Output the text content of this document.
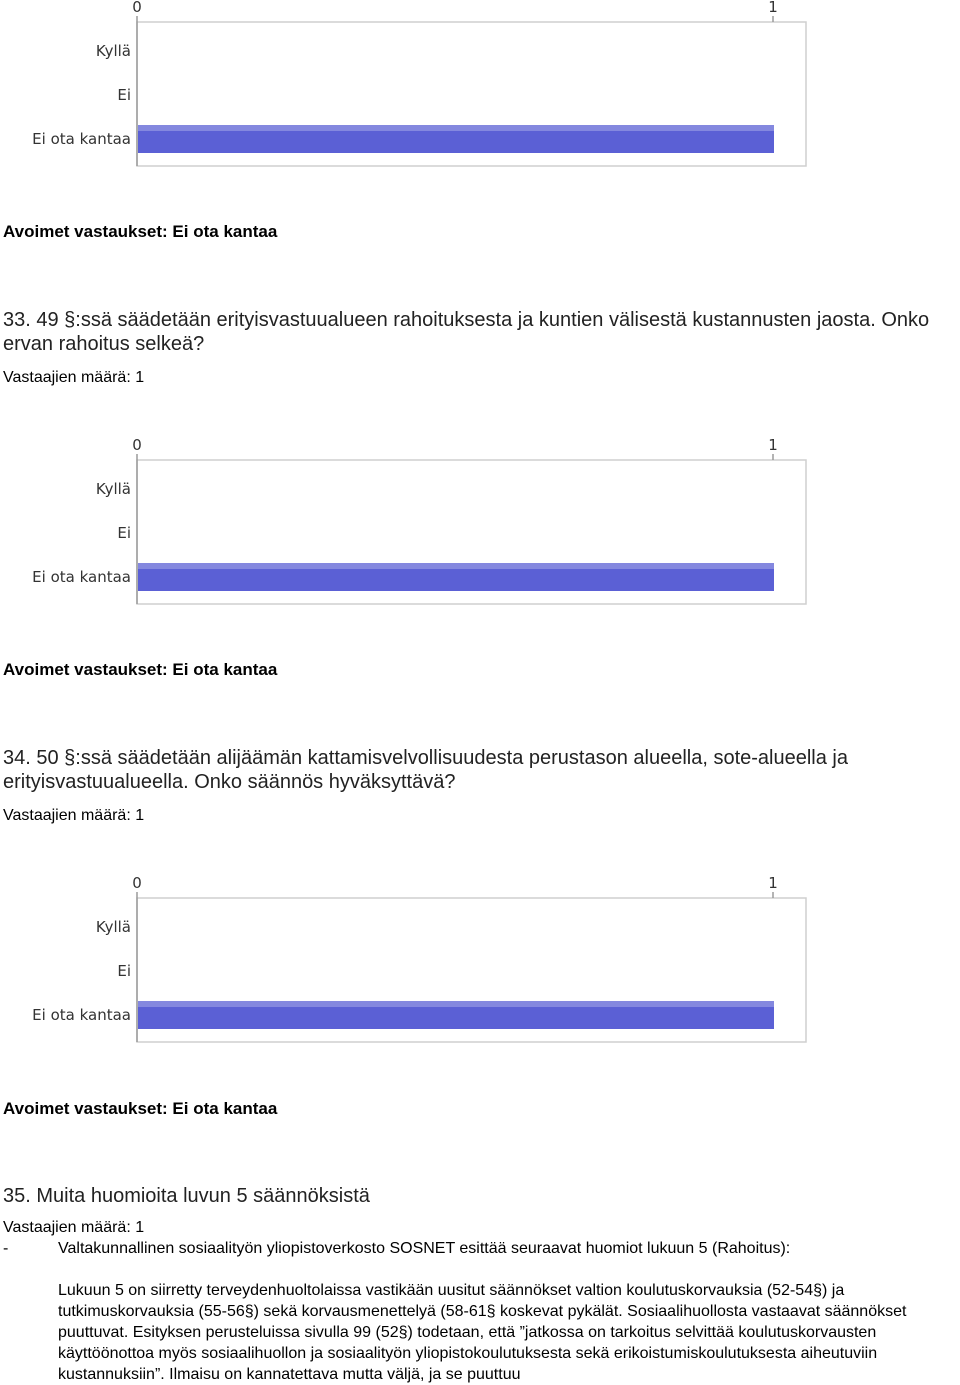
0	1
Kyllä
Ei
Ei ota kantaa
Avoimet vastaukset: Ei ota kantaa
33. 49 §:ssä säädetään erityisvastuualueen rahoituksesta ja kuntien välisestä kustannusten jaosta. Onko ervan rahoitus selkeä?
Vastaajien määrä: 1
0	1
Kyllä
Ei
Ei ota kantaa
Avoimet vastaukset: Ei ota kantaa
34. 50 §:ssä säädetään alijäämän kattamisvelvollisuudesta perustason alueella, sote-alueella ja erityisvastuualueella. Onko säännös hyväksyttävä?
Vastaajien määrä: 1
0	1
Kyllä
Ei
Ei ota kantaa
Avoimet vastaukset: Ei ota kantaa
35. Muita huomioita luvun 5 säännöksistä
Vastaajien määrä: 1
-	Valtakunnallinen sosiaalityön yliopistoverkosto SOSNET esittää seuraavat huomiot lukuun 5 (Rahoitus):
Lukuun 5 on siirretty terveydenhuoltolaissa vastikään uusitut säännökset valtion koulutuskorvauksia (52-54§) ja tutkimuskorvauksia (55-56§) sekä korvausmenettelyä (58-61§ koskevat pykälät. Sosiaalihuollosta vastaavat säännökset puuttuvat. Esityksen perusteluissa sivulla 99 (52§) todetaan, että ”jatkossa on tarkoitus selvittää koulutuskorvausten käyttöönottoa myös sosiaalihuollon ja sosiaalityön yliopistokoulutuksesta sekä erikoistumiskoulutuksesta aiheutuviin kustannuksiin”. Ilmaisu on kannatettava mutta väljä, ja se puuttuu
